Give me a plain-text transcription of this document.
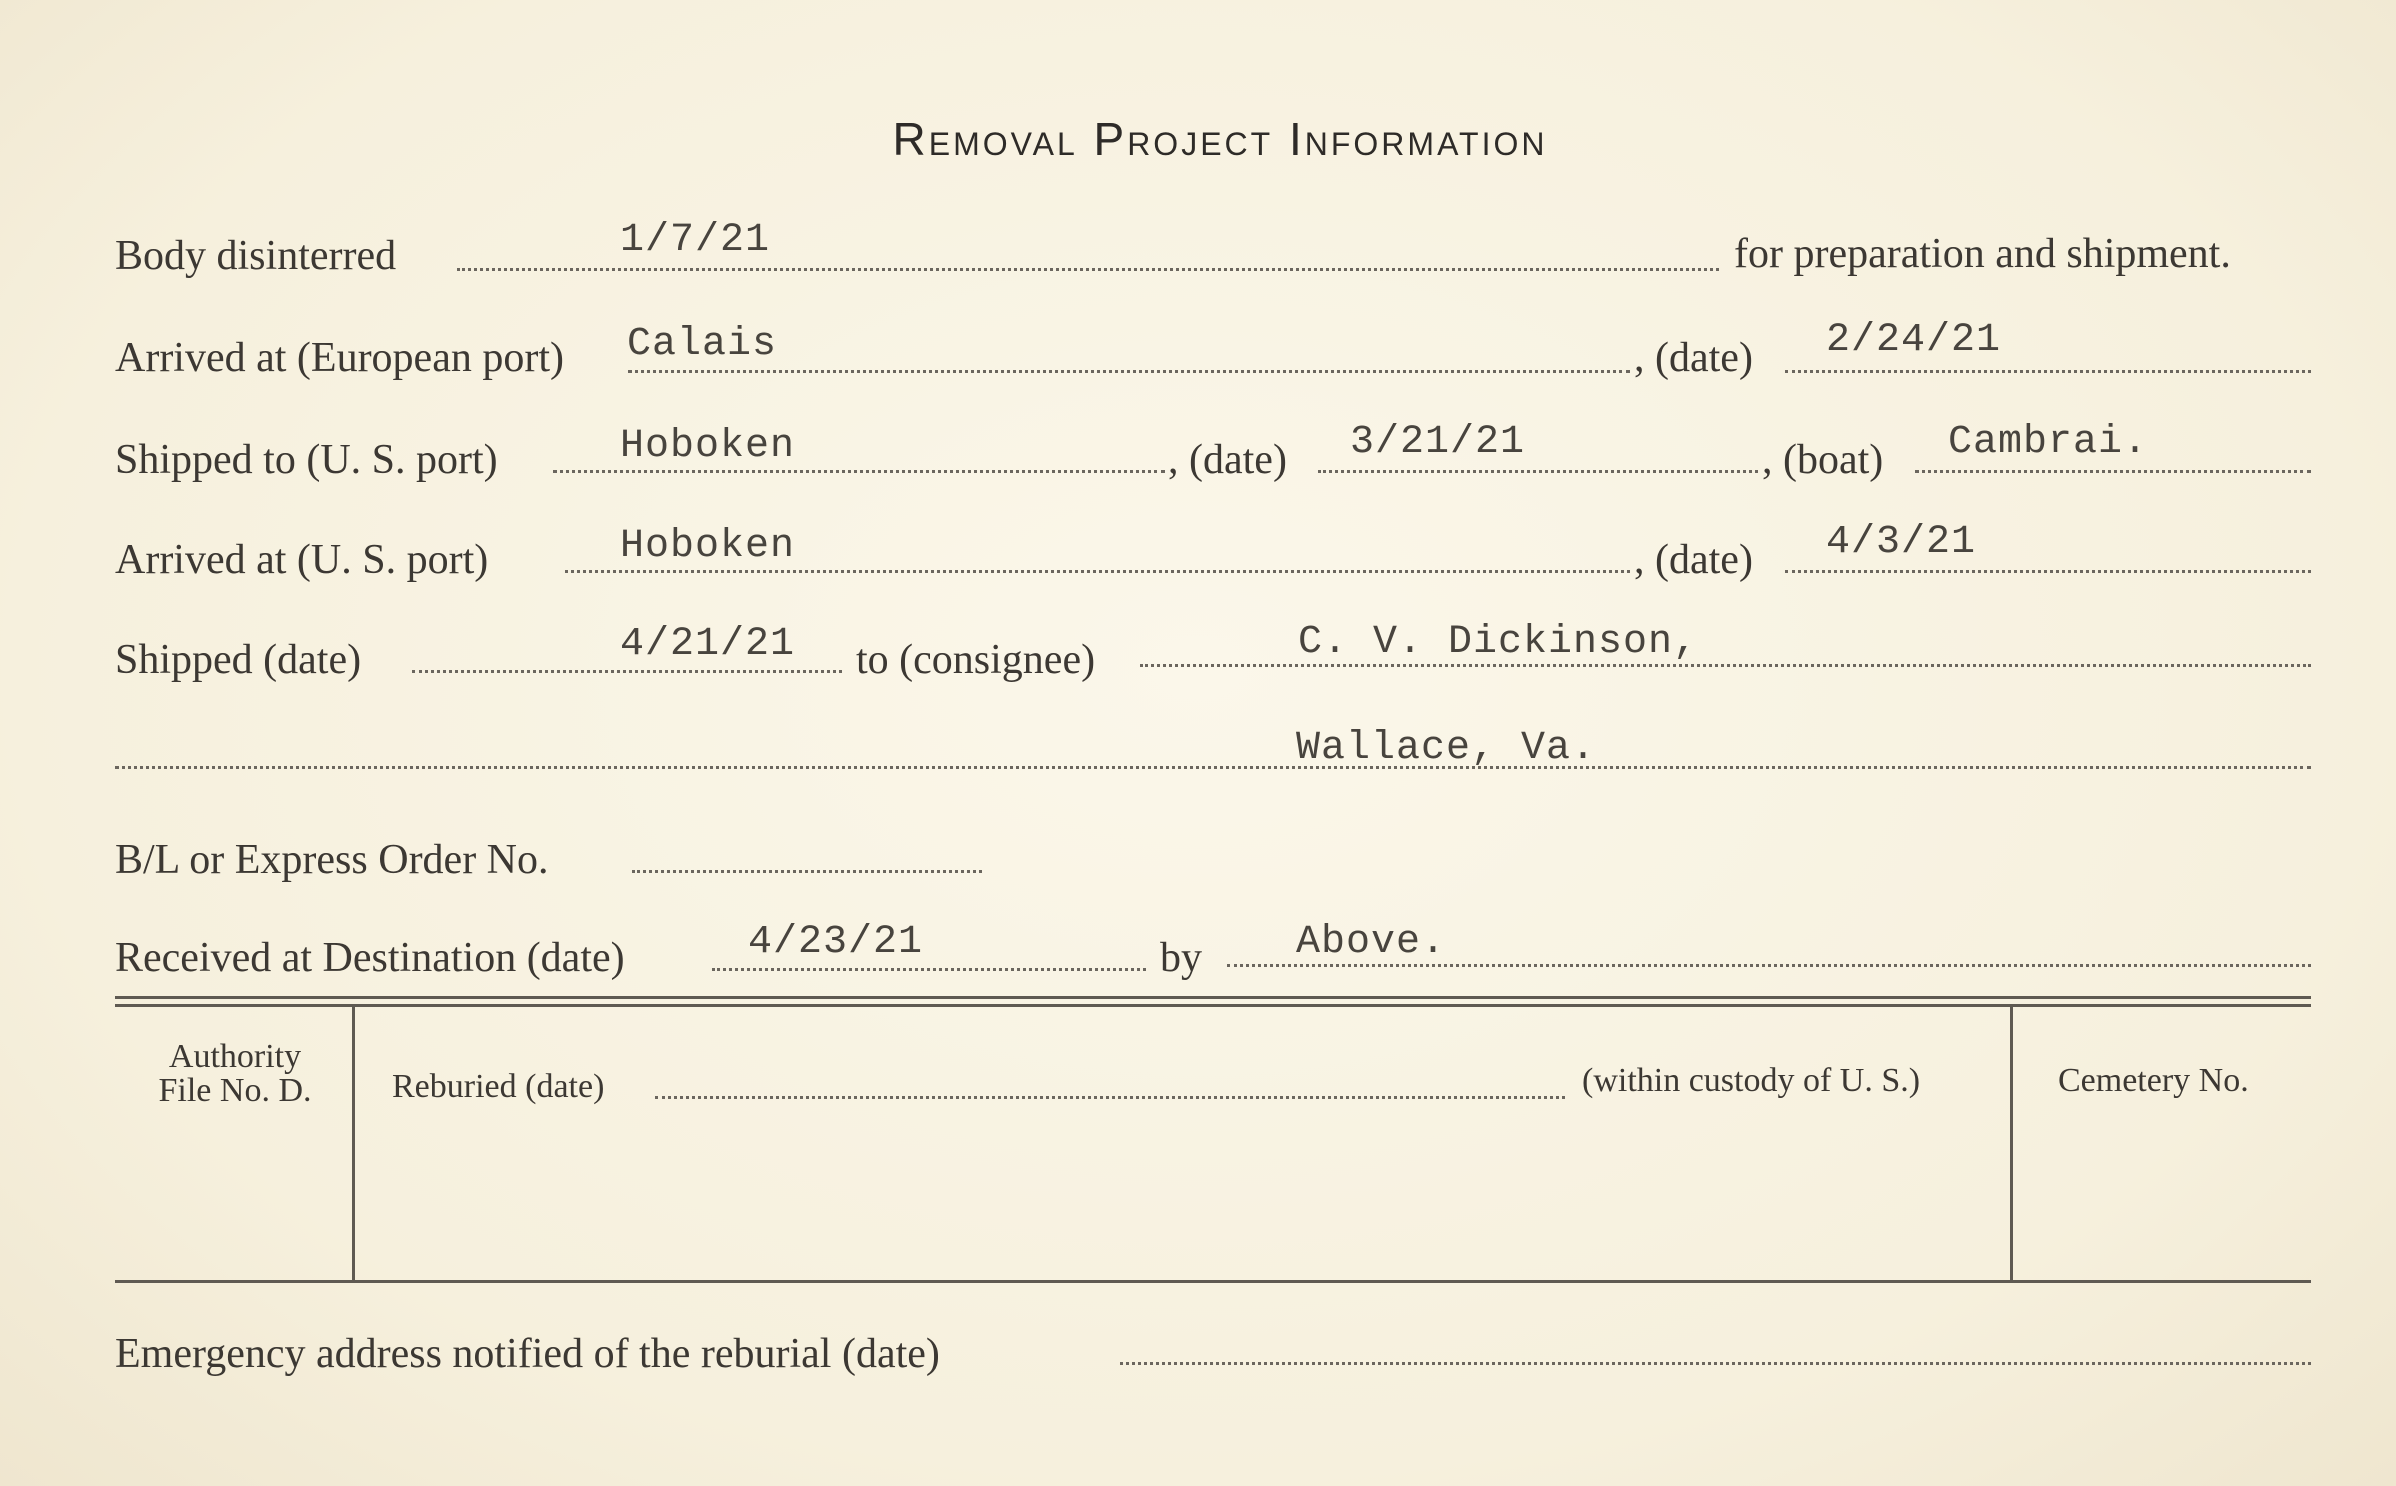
Removal Project Information
Body disinterred	1/7/21	for preparation and shipment.
Arrived at (European port) Calais	, (date) 2/24/21
Shipped to (U. S. port)	Hoboken	, (date) 3/21/21	, (boat) Cambrai.
Arrived at (U. S. port)	Hoboken	, (date) 4/3/21
Shipped (date)	4/21/21 to (consignee)	C. V. Dickinson,
Wallace, Va.
B/L or Express Order No.
Received at Destination (date)	4/23/21	by Above.
Authority
File No. D.	Reburied (date)	(within custody of U. S.)	Cemetery No.
Emergency address notified of the reburial (date)
